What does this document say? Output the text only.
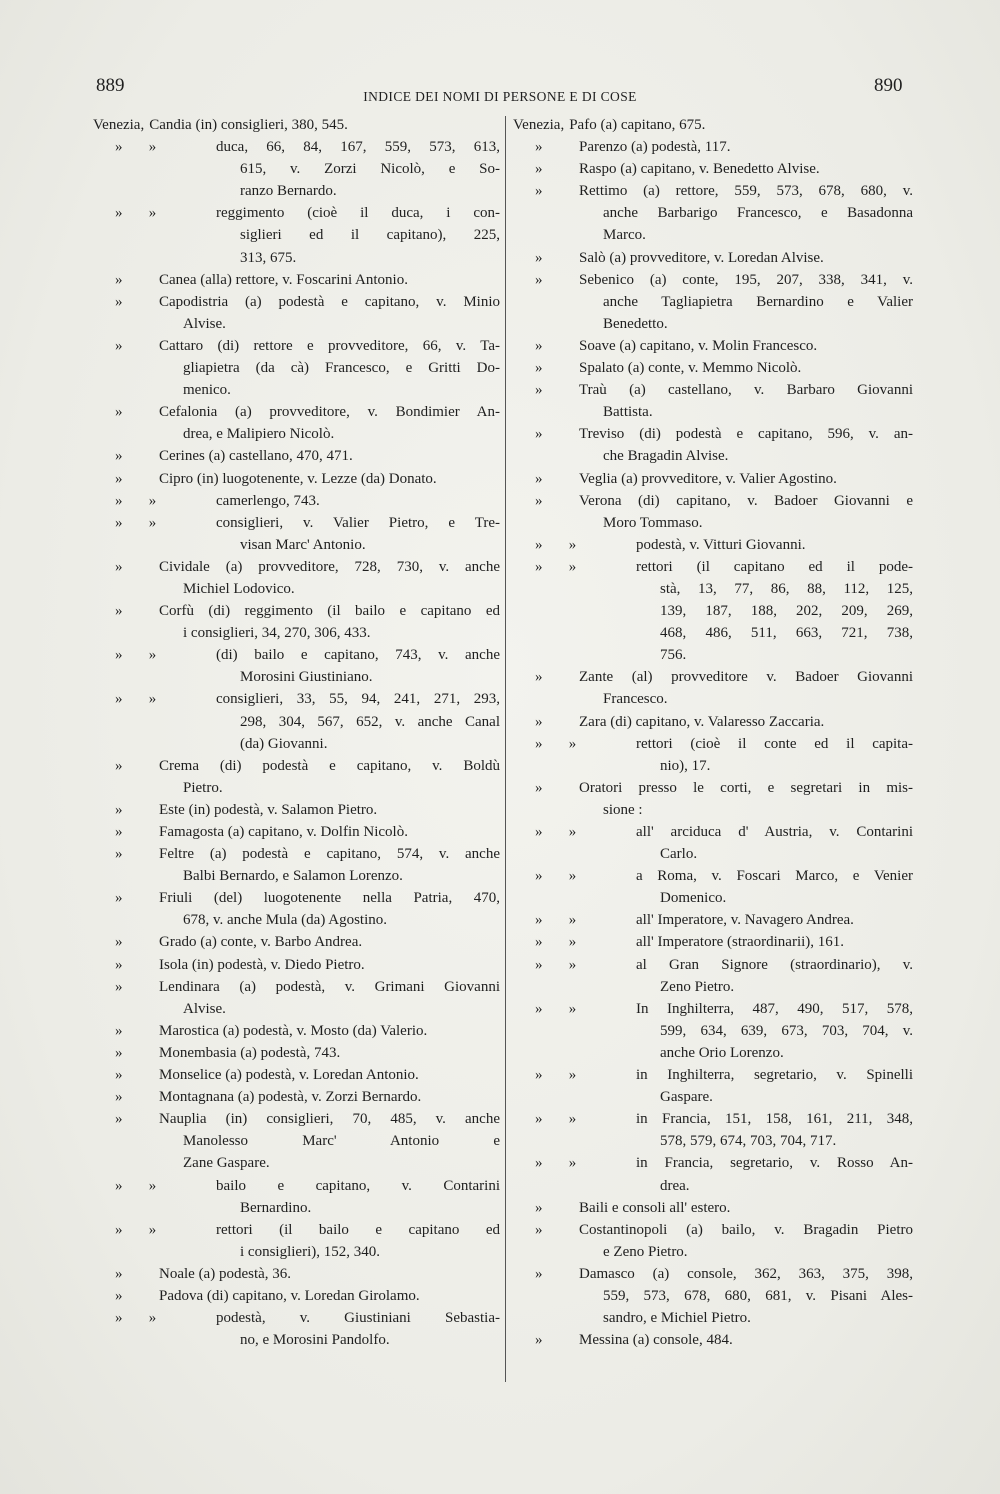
889
INDICE DEI NOMI DI PERSONE E DI COSE
890
Venezia, Candia (in) consiglieri, 380, 545.
»       »	duca, 66, 84, 167, 559, 573, 613,
615, v. Zorzi Nicolò, e So-
ranzo Bernardo.
»       »	reggimento (cioè il duca, i con-
siglieri ed il capitano), 225,
313, 675.
»	Canea (alla) rettore, v. Foscarini Antonio.
»	Capodistria (a) podestà e capitano, v. Minio
Alvise.
»	Cattaro (di) rettore e provveditore, 66, v. Ta-
gliapietra (da cà) Francesco, e Gritti Do-
menico.
»	Cefalonia (a) provveditore, v. Bondimier An-
drea, e Malipiero Nicolò.
»	Cerines (a) castellano, 470, 471.
»	Cipro (in) luogotenente, v. Lezze (da) Donato.
»       »	camerlengo, 743.
»       »	consiglieri, v. Valier Pietro, e Tre-
visan Marc' Antonio.
»	Cividale (a) provveditore, 728, 730, v. anche
Michiel Lodovico.
»	Corfù (di) reggimento (il bailo e capitano ed
i consiglieri, 34, 270, 306, 433.
»       »	(di) bailo e capitano, 743, v. anche
Morosini Giustiniano.
»       »	consiglieri, 33, 55, 94, 241, 271, 293,
298, 304, 567, 652, v. anche Canal
(da) Giovanni.
»	Crema (di) podestà e capitano, v. Boldù
Pietro.
»	Este (in) podestà, v. Salamon Pietro.
»	Famagosta (a) capitano, v. Dolfin Nicolò.
»	Feltre (a) podestà e capitano, 574, v. anche
Balbi Bernardo, e Salamon Lorenzo.
»	Friuli (del) luogotenente nella Patria, 470,
678, v. anche Mula (da) Agostino.
»	Grado (a) conte, v. Barbo Andrea.
»	Isola (in) podestà, v. Diedo Pietro.
»	Lendinara (a) podestà, v. Grimani Giovanni
Alvise.
»	Marostica (a) podestà, v. Mosto (da) Valerio.
»	Monembasia (a) podestà, 743.
»	Monselice (a) podestà, v. Loredan Antonio.
»	Montagnana (a) podestà, v. Zorzi Bernardo.
»	Nauplia (in) consiglieri, 70, 485, v. anche
Manolesso Marc' Antonio e
Zane Gaspare.
»       »	bailo e capitano, v. Contarini
Bernardino.
»       »	rettori (il bailo e capitano ed
i consiglieri), 152, 340.
»	Noale (a) podestà, 36.
»	Padova (di) capitano, v. Loredan Girolamo.
»       »	podestà, v. Giustiniani Sebastia-
no, e Morosini Pandolfo.
Venezia, Pafo (a) capitano, 675.
»	Parenzo (a) podestà, 117.
»	Raspo (a) capitano, v. Benedetto Alvise.
»	Rettimo (a) rettore, 559, 573, 678, 680, v.
anche Barbarigo Francesco, e Basadonna
Marco.
»	Salò (a) provveditore, v. Loredan Alvise.
»	Sebenico (a) conte, 195, 207, 338, 341, v.
anche Tagliapietra Bernardino e Valier
Benedetto.
»	Soave (a) capitano, v. Molin Francesco.
»	Spalato (a) conte, v. Memmo Nicolò.
»	Traù (a) castellano, v. Barbaro Giovanni
Battista.
»	Treviso (di) podestà e capitano, 596, v. an-
che Bragadin Alvise.
»	Veglia (a) provveditore, v. Valier Agostino.
»	Verona (di) capitano, v. Badoer Giovanni e
Moro Tommaso.
»       »	podestà, v. Vitturi Giovanni.
»       »	rettori (il capitano ed il pode-
stà, 13, 77, 86, 88, 112, 125,
139, 187, 188, 202, 209, 269,
468, 486, 511, 663, 721, 738,
756.
»	Zante (al) provveditore v. Badoer Giovanni
Francesco.
»	Zara (di) capitano, v. Valaresso Zaccaria.
»       »	rettori (cioè il conte ed il capita-
nio), 17.
»	Oratori presso le corti, e segretari in mis-
sione :
»       »	all' arciduca d' Austria, v. Contarini
Carlo.
»       »	a Roma, v. Foscari Marco, e Venier
Domenico.
»       »	all' Imperatore, v. Navagero Andrea.
»       »	all' Imperatore (straordinarii), 161.
»       »	al Gran Signore (straordinario), v.
Zeno Pietro.
»       »	In Inghilterra, 487, 490, 517, 578,
599, 634, 639, 673, 703, 704, v.
anche Orio Lorenzo.
»       »	in Inghilterra, segretario, v. Spinelli
Gaspare.
»       »	in Francia, 151, 158, 161, 211, 348,
578, 579, 674, 703, 704, 717.
»       »	in Francia, segretario, v. Rosso An-
drea.
»	Baili e consoli all' estero.
»	Costantinopoli (a) bailo, v. Bragadin Pietro
e Zeno Pietro.
»	Damasco (a) console, 362, 363, 375, 398,
559, 573, 678, 680, 681, v. Pisani Ales-
sandro, e Michiel Pietro.
»	Messina (a) console, 484.
